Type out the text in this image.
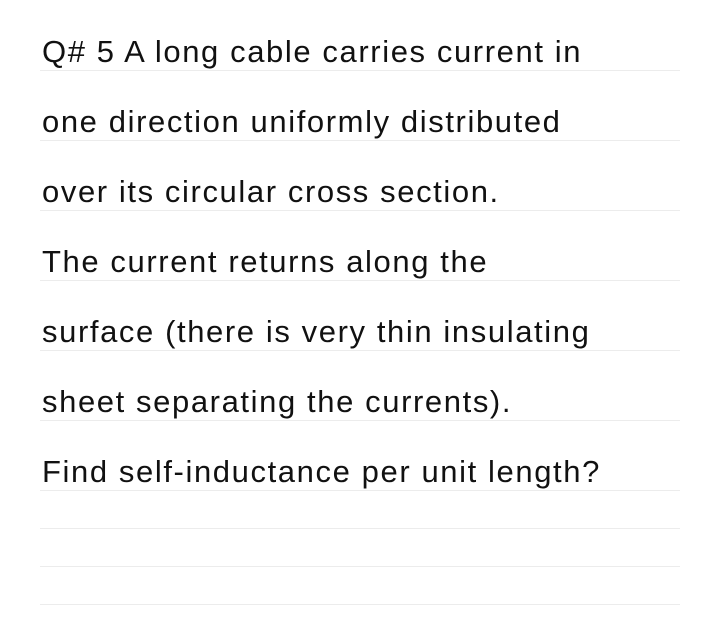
Q# 5 A long cable carries current in
one direction uniformly distributed
over its circular cross section.
The current returns along the
surface (there is very thin insulating
sheet separating the currents).
Find self-inductance per unit length?
